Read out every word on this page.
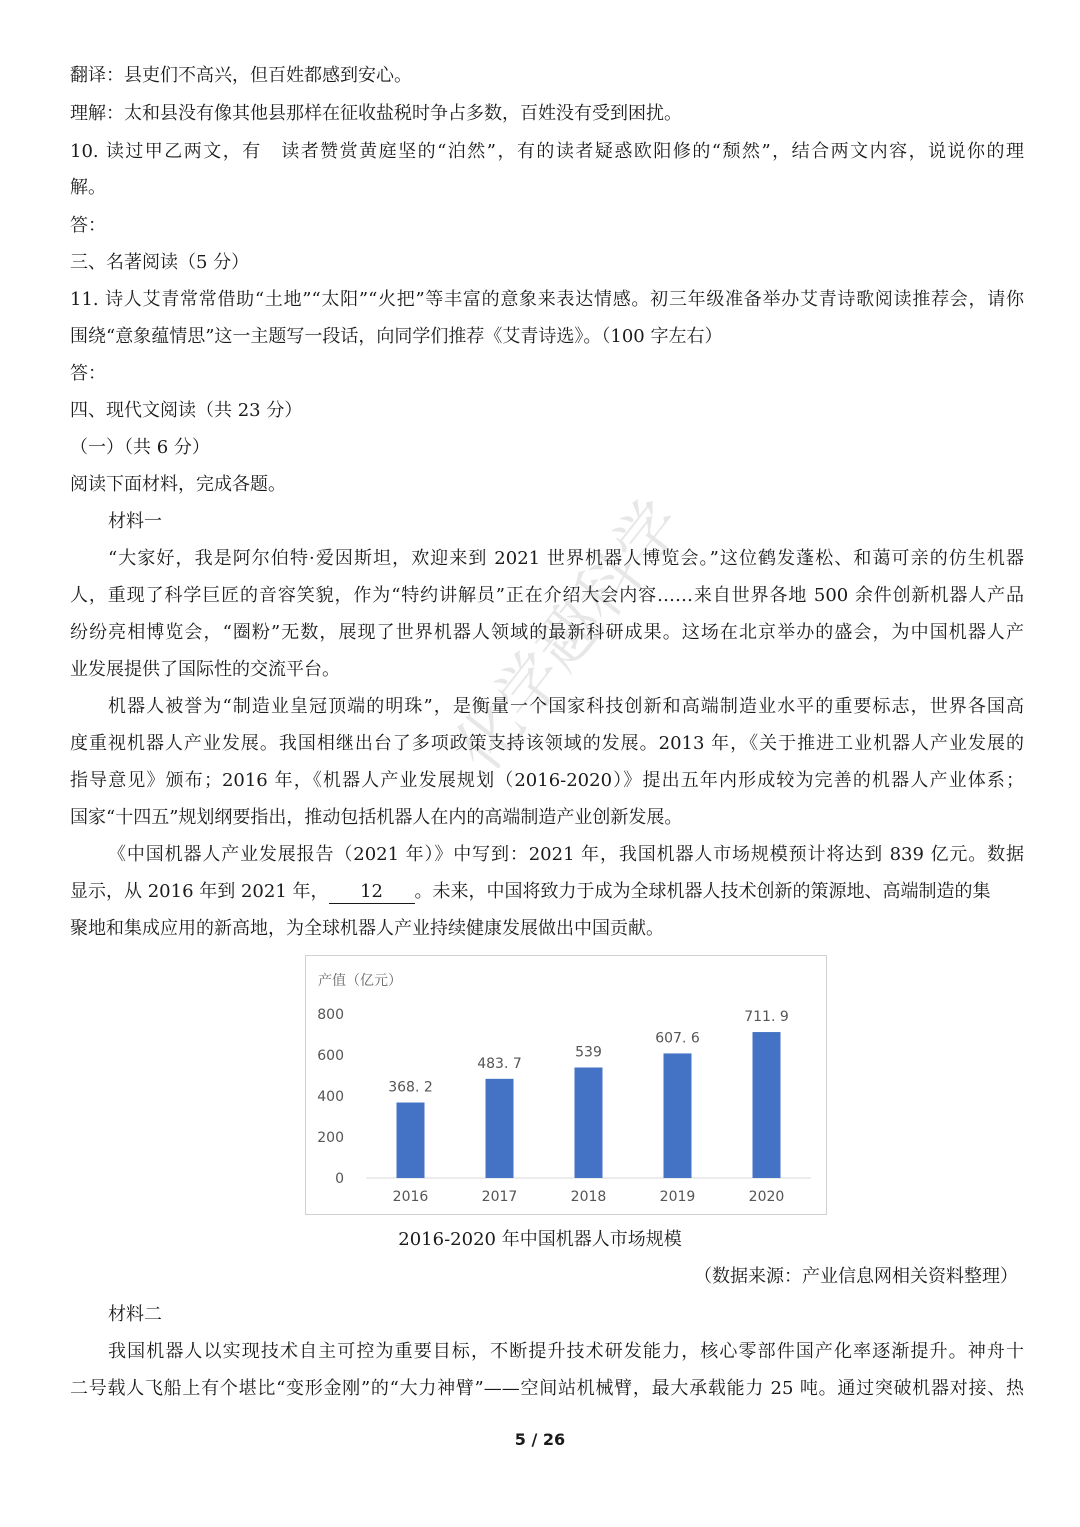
化学趣科学
翻译：县吏们不高兴，但百姓都感到安心。
理解：太和县没有像其他县那样在征收盐税时争占多数，百姓没有受到困扰。
10. 读过甲乙两文，有　读者赞赏黄庭坚的“泊然”，有的读者疑惑欧阳修的“颓然”，结合两文内容，说说你的理
解。
答：
三、名著阅读（5 分）
11. 诗人艾青常常借助“土地”“太阳”“火把”等丰富的意象来表达情感。初三年级准备举办艾青诗歌阅读推荐会，请你
围绕“意象蕴情思”这一主题写一段话，向同学们推荐《艾青诗选》。（100 字左右）
答：
四、现代文阅读（共 23 分）
（一）（共 6 分）
阅读下面材料，完成各题。
材料一
“大家好，我是阿尔伯特·爱因斯坦，欢迎来到 2021 世界机器人博览会。”这位鹤发蓬松、和蔼可亲的仿生机器
人，重现了科学巨匠的音容笑貌，作为“特约讲解员”正在介绍大会内容……来自世界各地 500 余件创新机器人产品
纷纷亮相博览会，“圈粉”无数，展现了世界机器人领域的最新科研成果。这场在北京举办的盛会，为中国机器人产
业发展提供了国际性的交流平台。
机器人被誉为“制造业皇冠顶端的明珠”，是衡量一个国家科技创新和高端制造业水平的重要标志，世界各国高
度重视机器人产业发展。我国相继出台了多项政策支持该领域的发展。2013 年，《关于推进工业机器人产业发展的
指导意见》颁布；2016 年，《机器人产业发展规划（2016-2020）》提出五年内形成较为完善的机器人产业体系；
国家“十四五”规划纲要指出，推动包括机器人在内的高端制造产业创新发展。
《中国机器人产业发展报告（2021 年）》中写到：2021 年，我国机器人市场规模预计将达到 839 亿元。数据
显示，从 2016 年到 2021 年， 12 。未来，中国将致力于成为全球机器人技术创新的策源地、高端制造的集
聚地和集成应用的新高地，为全球机器人产业持续健康发展做出中国贡献。
产值（亿元）
0
200
400
600
800
368. 2
2016
483. 7
2017
539
2018
607. 6
2019
711. 9
2020
2016-2020 年中国机器人市场规模
（数据来源：产业信息网相关资料整理）
材料二
我国机器人以实现技术自主可控为重要目标，不断提升技术研发能力，核心零部件国产化率逐渐提升。神舟十
二号载人飞船上有个堪比“变形金刚”的“大力神臂”——空间站机械臂，最大承载能力 25 吨。通过突破机器对接、热
5 / 26
